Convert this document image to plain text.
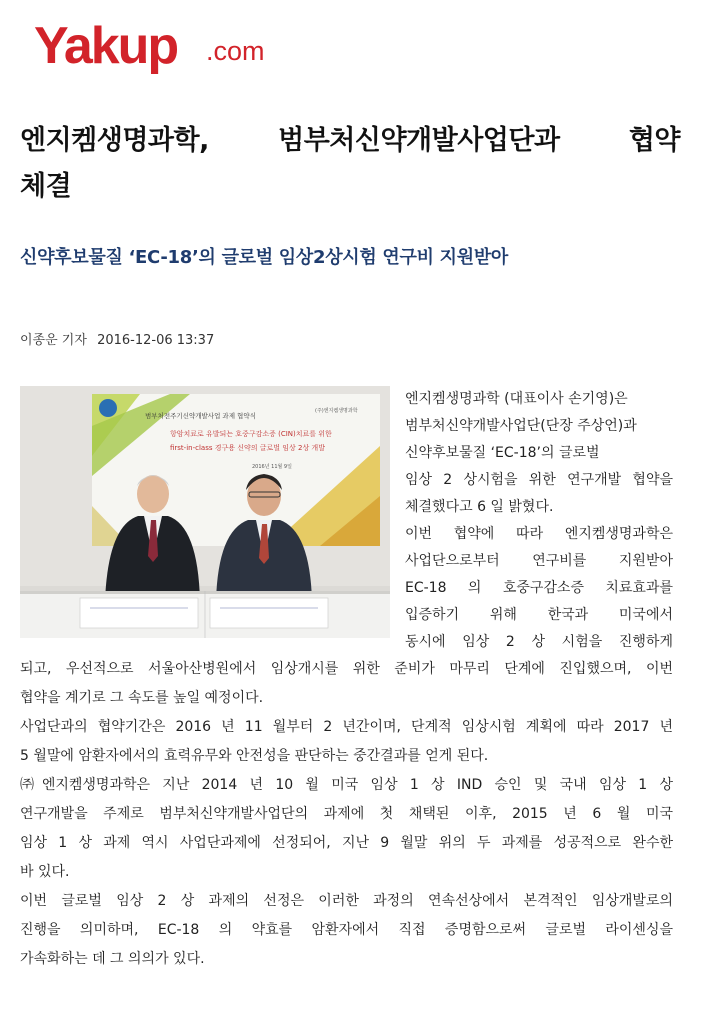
Yakup .com
엔지켐생명과학, 범부처신약개발사업단과 협약
체결
신약후보물질 ‘EC-18’의 글로벌 임상2상시험 연구비 지원받아
이종운 기자 2016-12-06 13:37
범부처전주기신약개발사업 과제 협약식
(주)엔지켐생명과학
항암치료로 유발되는 호중구감소증 (CIN)치료를 위한
first-in-class 경구용 신약의 글로벌 임상 2상 개발
2016년 11월 9일

엔지켐생명과학 (대표이사 손기영)은

범부처신약개발사업단(단장 주상언)과

신약후보물질 ‘EC-18’의 글로벌

임상 2 상시험을 위한 연구개발 협약을

체결했다고 6 일 밝혔다.

이번 협약에 따라 엔지켐생명과학은

사업단으로부터 연구비를 지원받아

EC-18 의 호중구감소증 치료효과를

입증하기 위해 한국과 미국에서

동시에 임상 2 상 시험을 진행하게

되고, 우선적으로 서울아산병원에서 임상개시를 위한 준비가 마무리 단계에 진입했으며, 이번

협약을 계기로 그 속도를 높일 예정이다.

사업단과의 협약기간은 2016 년 11 월부터 2 년간이며, 단계적 임상시험 계획에 따라 2017 년

5 월말에 암환자에서의 효력유무와 안전성을 판단하는 중간결과를 얻게 된다.

㈜엔지켐생명과학은 지난 2014 년 10 월 미국 임상 1 상 IND 승인 및 국내 임상 1 상

연구개발을 주제로 범부처신약개발사업단의 과제에 첫 채택된 이후, 2015 년 6 월 미국

임상 1 상 과제 역시 사업단과제에 선정되어, 지난 9 월말 위의 두 과제를 성공적으로 완수한

바 있다.

이번 글로벌 임상 2 상 과제의 선정은 이러한 과정의 연속선상에서 본격적인 임상개발로의

진행을 의미하며, EC-18 의 약효를 암환자에서 직접 증명함으로써 글로벌 라이센싱을

가속화하는 데 그 의의가 있다.
